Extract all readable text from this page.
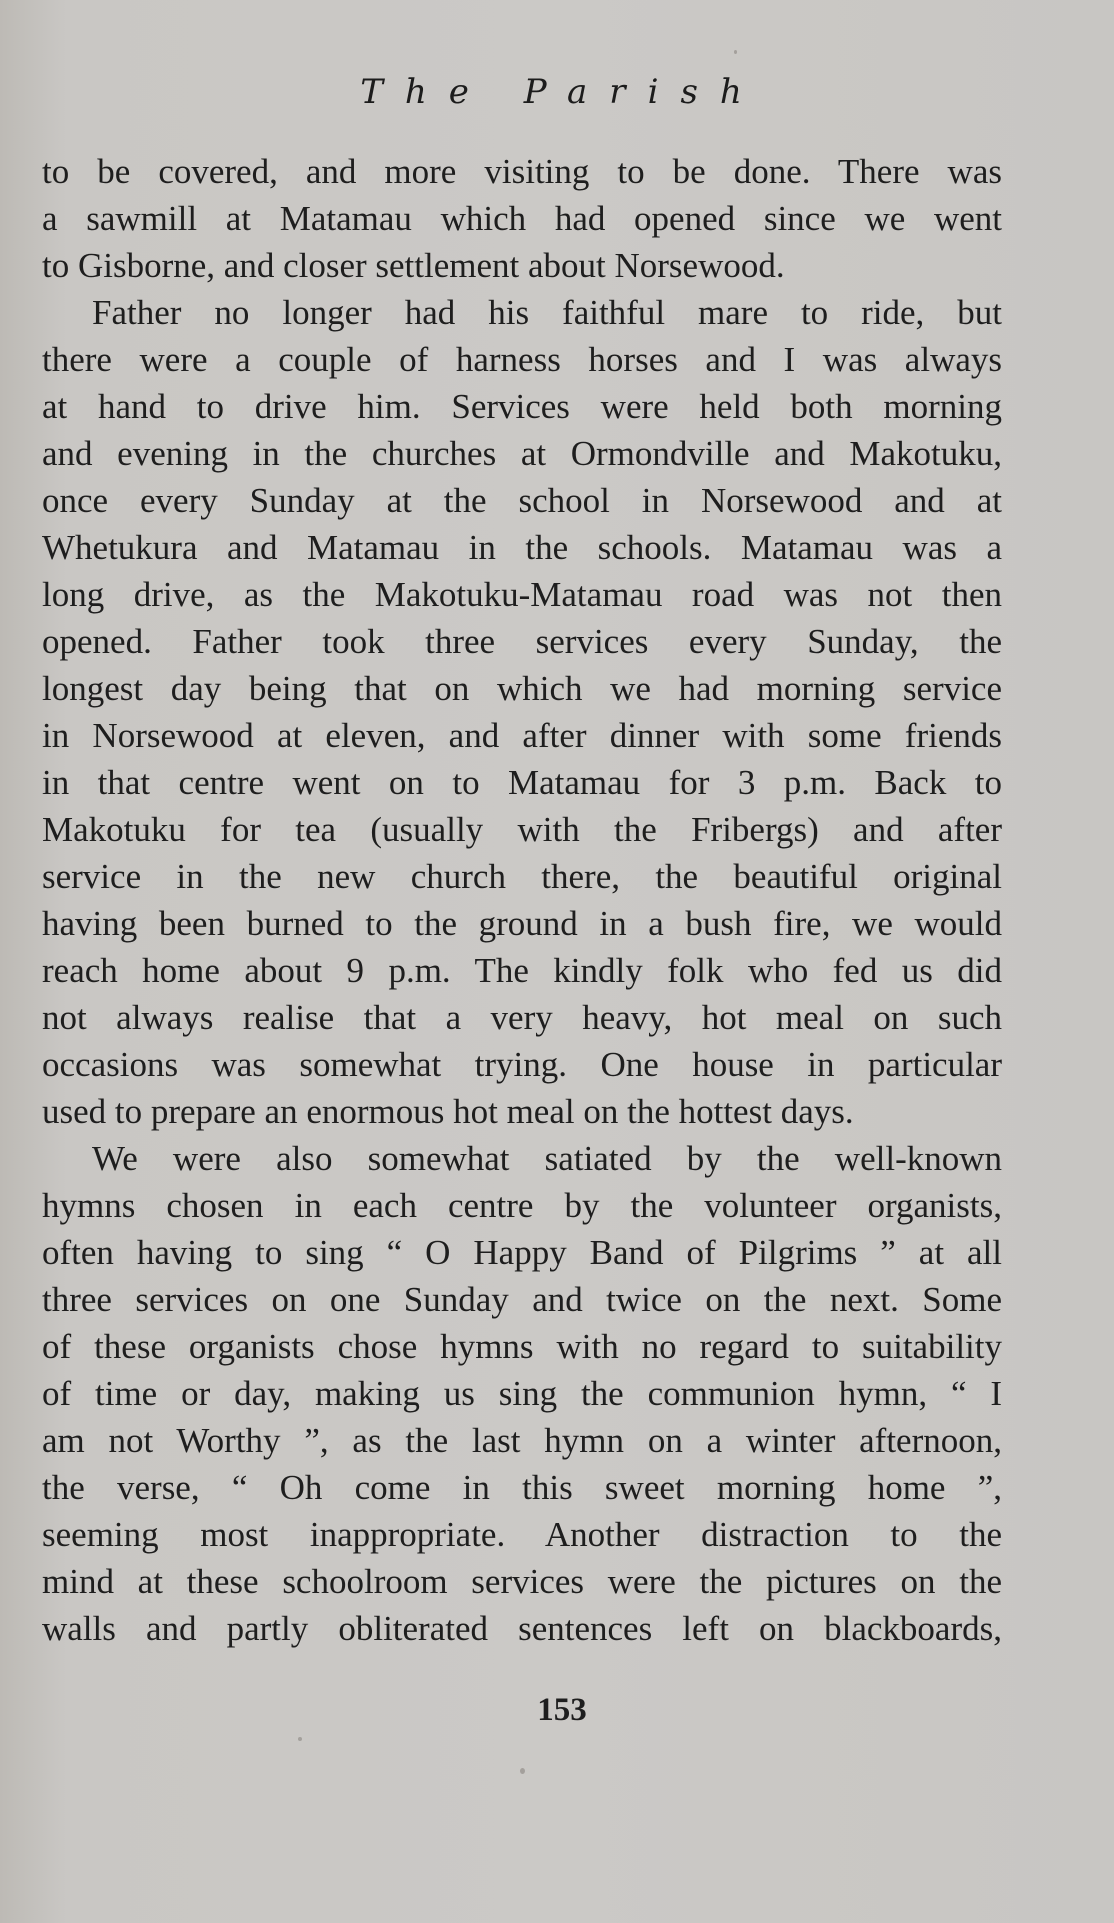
The Parish

to be covered, and more visiting to be done. There was

a sawmill at Matamau which had opened since we went

to Gisborne, and closer settlement about Norsewood.

Father no longer had his faithful mare to ride, but

there were a couple of harness horses and I was always

at hand to drive him. Services were held both morning

and evening in the churches at Ormondville and Makotuku,

once every Sunday at the school in Norsewood and at

Whetukura and Matamau in the schools. Matamau was a

long drive, as the Makotuku-Matamau road was not then

opened. Father took three services every Sunday, the

longest day being that on which we had morning service

in Norsewood at eleven, and after dinner with some friends

in that centre went on to Matamau for 3 p.m. Back to

Makotuku for tea (usually with the Fribergs) and after

service in the new church there, the beautiful original

having been burned to the ground in a bush fire, we would

reach home about 9 p.m. The kindly folk who fed us did

not always realise that a very heavy, hot meal on such

occasions was somewhat trying. One house in particular

used to prepare an enormous hot meal on the hottest days.

We were also somewhat satiated by the well-known

hymns chosen in each centre by the volunteer organists,

often having to sing “ O Happy Band of Pilgrims ” at all

three services on one Sunday and twice on the next. Some

of these organists chose hymns with no regard to suitability

of time or day, making us sing the communion hymn, “ I

am not Worthy ”, as the last hymn on a winter afternoon,

the verse, “ Oh come in this sweet morning home ”,

seeming most inappropriate. Another distraction to the

mind at these schoolroom services were the pictures on the

walls and partly obliterated sentences left on blackboards,

153
